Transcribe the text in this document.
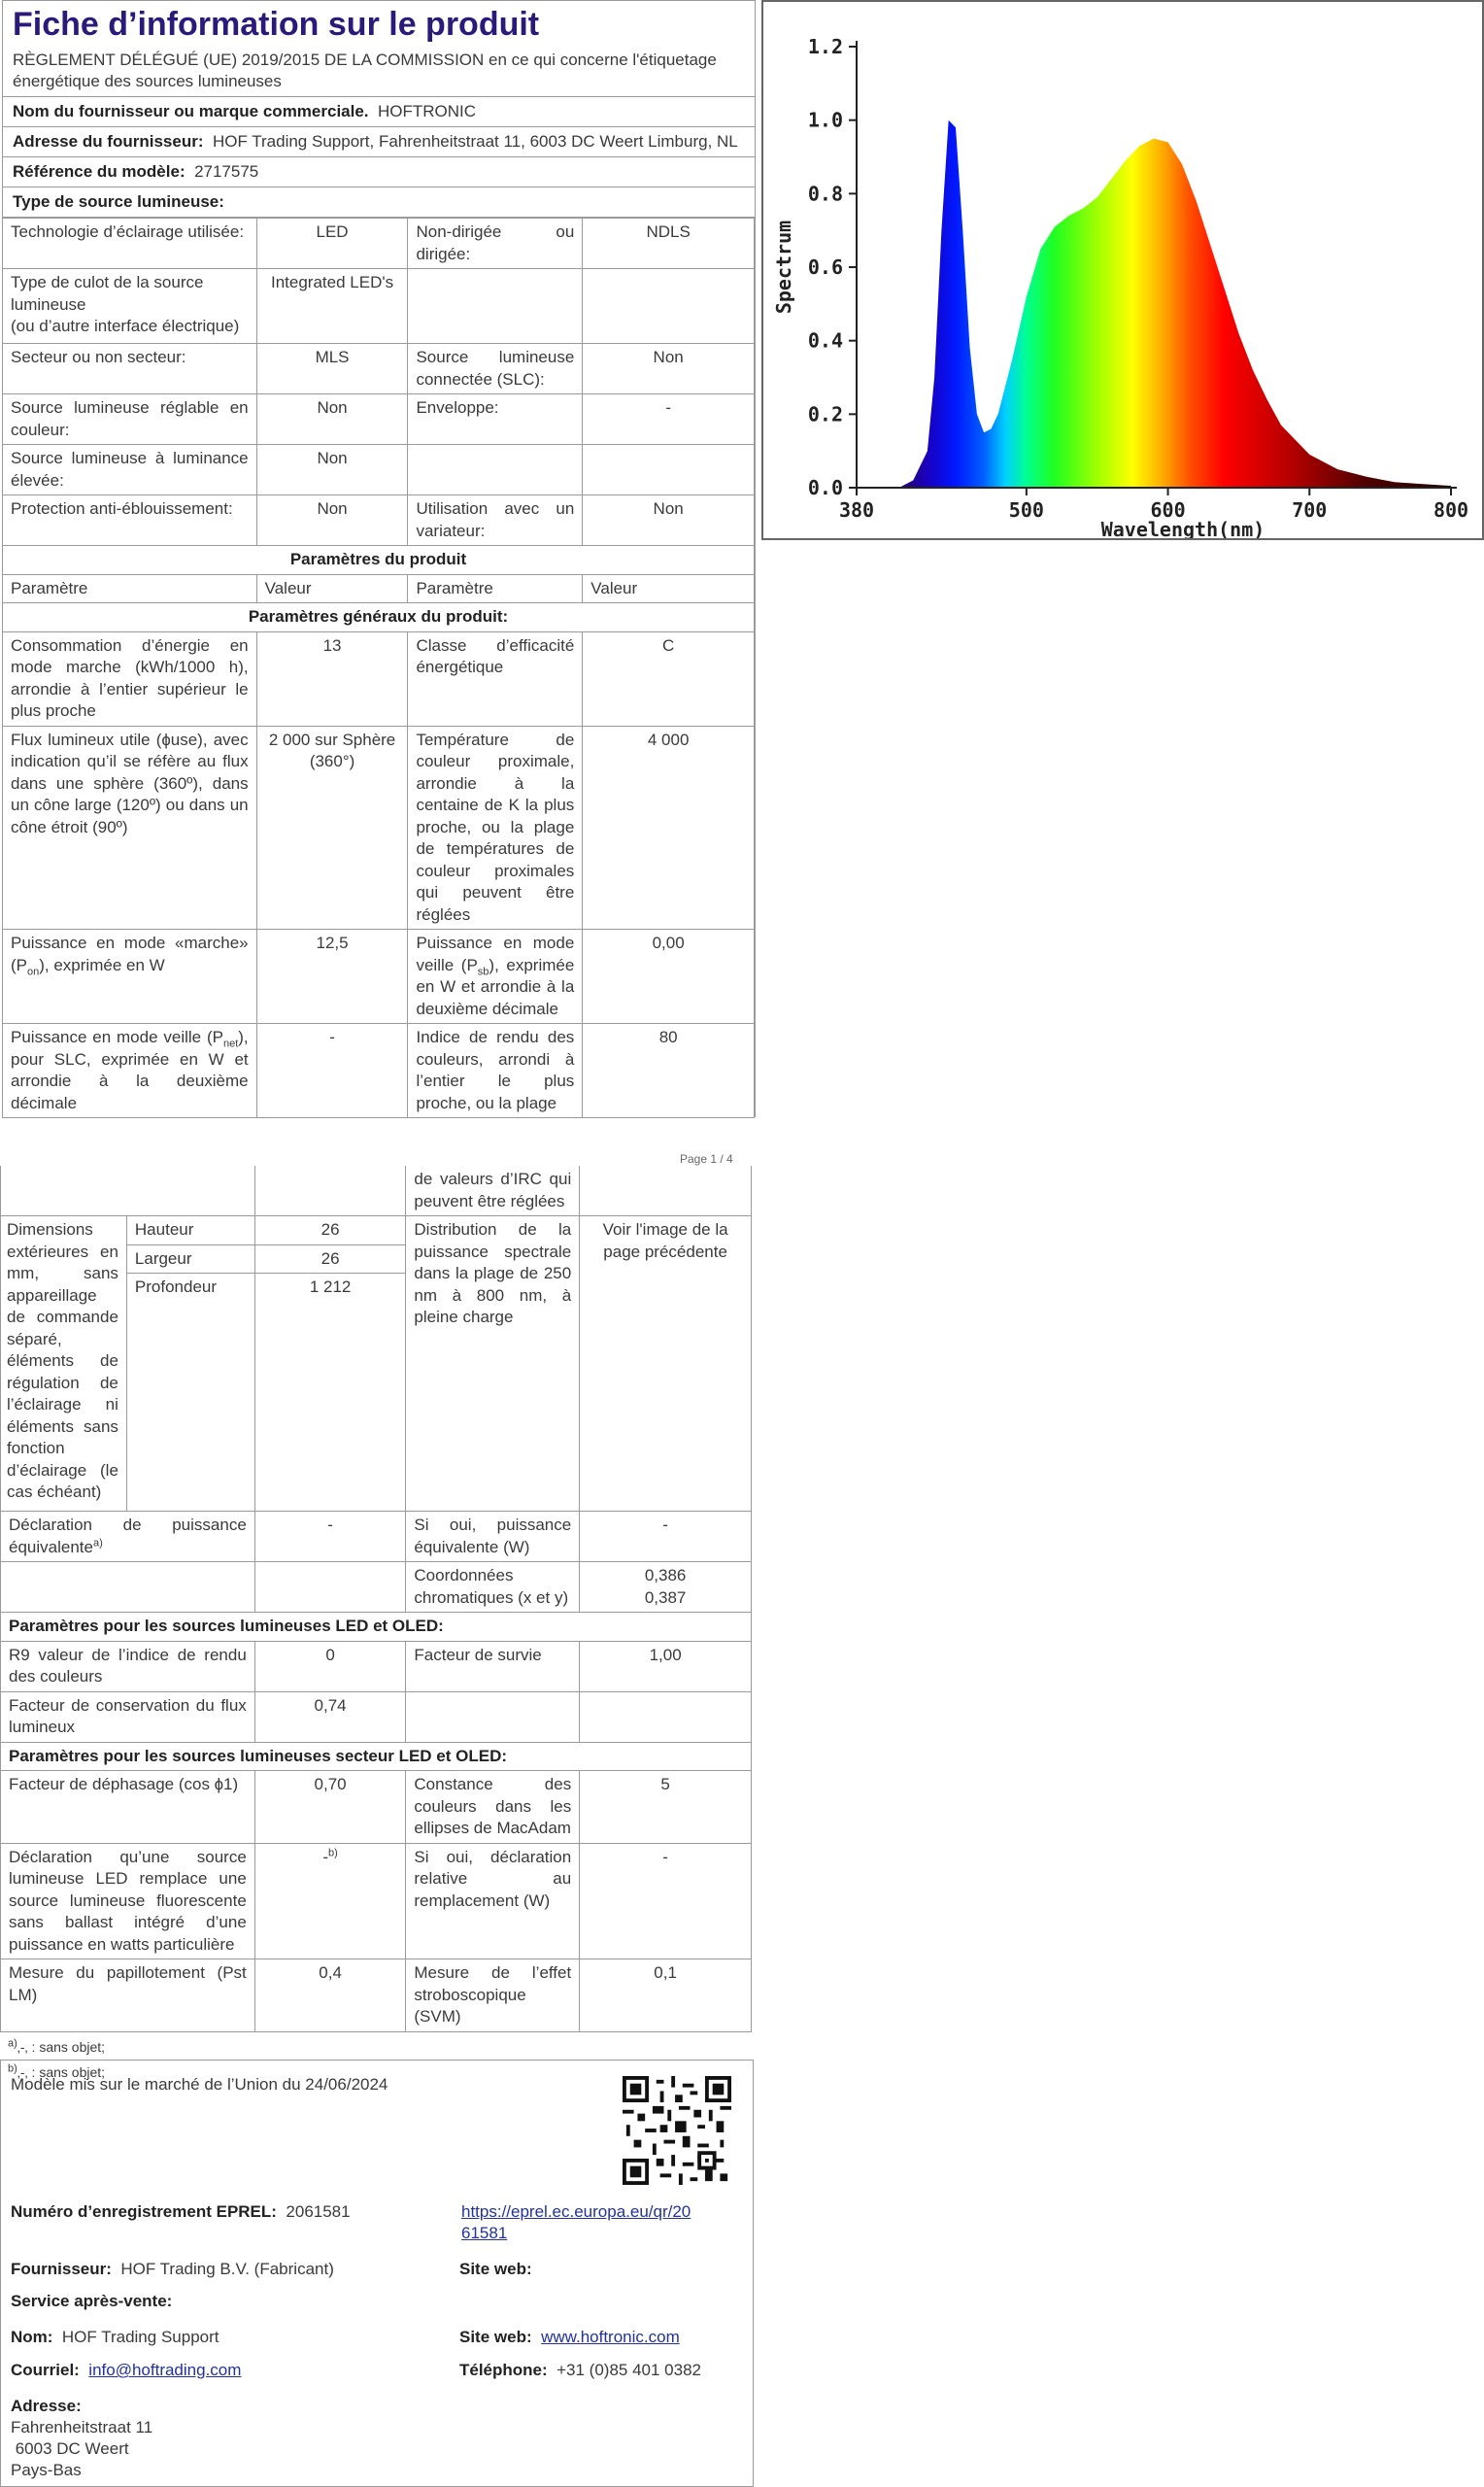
Fiche d’information sur le produit
RÈGLEMENT DÉLÉGUÉ (UE) 2019/2015 DE LA COMMISSION en ce qui concerne l'étiquetage énergétique des sources lumineuses
Nom du fournisseur ou marque commerciale. HOFTRONIC
Adresse du fournisseur: HOF Trading Support, Fahrenheitstraat 11, 6003 DC Weert Limburg, NL
Référence du modèle: 2717575
Type de source lumineuse:
Technologie d’éclairage utilisée:	LED	Non-dirigée ou dirigée:	NDLS
Type de culot de la source lumineuse
(ou d’autre interface électrique)	Integrated LED's		
Secteur ou non secteur:	MLS	Source lumineuse connectée (SLC):	Non
Source lumineuse réglable en couleur:	Non	Enveloppe:	-
Source lumineuse à luminance élevée:	Non		
Protection anti-éblouissement:	Non	Utilisation avec un variateur:	Non
Paramètres du produit			
Paramètre	Valeur	Paramètre	Valeur
Paramètres généraux du produit:			
Consommation d’énergie en mode marche (kWh/1000 h), arrondie à l’entier supérieur le plus proche	13	Classe d’efficacité énergétique	C
Flux lumineux utile (ɸuse), avec indication qu’il se réfère au flux dans une sphère (360º), dans un cône large (120º) ou dans un cône étroit (90º)	2 000 sur Sphère (360°)	Température de couleur proximale, arrondie à la centaine de K la plus proche, ou la plage de températures de couleur proximales qui peuvent être réglées	4 000
Puissance en mode «marche» $(P_{on})$, exprimée en W	12,5	Puissance en mode veille $(P_{sb})$, exprimée en W et arrondie à la deuxième décimale	0,00
Puissance en mode veille $(P_{net})$, pour SLC, exprimée en W et arrondie à la deuxième décimale	-	Indice de rendu des couleurs, arrondi à l’entier le plus proche, ou la plage	80
0.0
0.2
0.4
0.6
0.8
1.0
1.2
380	500	600	700	800
Wavelength(nm)
Spectrum
Page 1 / 4
			de valeurs d’IRC qui peuvent être réglées	
Dimensions extérieures en mm, sans appareillage de commande séparé, éléments de régulation de l’éclairage ni éléments sans fonction d’éclairage (le cas échéant)	Hauteur	26	Distribution de la puissance spectrale dans la plage de 250 nm à 800 nm, à pleine charge	Voir l'image de la page précédente
	Largeur	26		
	Profondeur	1 212		
Déclaration de puissance équivalente$^{a)}$		-	Si oui, puissance équivalente (W)	-
			Coordonnées chromatiques (x et y)	0,386
0,387
Paramètres pour les sources lumineuses LED et OLED:				
R9 valeur de l’indice de rendu des couleurs		0	Facteur de survie	1,00
Facteur de conservation du flux lumineux		0,74		
Paramètres pour les sources lumineuses secteur LED et OLED:				
Facteur de déphasage (cos ɸ1)		0,70	Constance des couleurs dans les ellipses de MacAdam	5
Déclaration qu’une source lumineuse LED remplace une source lumineuse fluorescente sans ballast intégré d’une puissance en watts particulière		-$^{b)}$	Si oui, déclaration relative au remplacement (W)	-
Mesure du papillotement (Pst LM)		0,4	Mesure de l’effet stroboscopique (SVM)	0,1
$^{a)}$‚-‚ : sans objet;
$^{b)}$‚-‚ : sans objet;
Modèle mis sur le marché de l’Union du 24/06/2024
Numéro d’enregistrement EPREL: 2061581	https://eprel.ec.europa.eu/qr/20
61581
Fournisseur: HOF Trading B.V. (Fabricant)	Site web:
Service après-vente:
Nom: HOF Trading Support	Site web: www.hoftronic.com
Courriel: info@hoftrading.com	Téléphone: +31 (0)85 401 0382
Adresse:
Fahrenheitstraat 11
6003 DC Weert
Pays-Bas
